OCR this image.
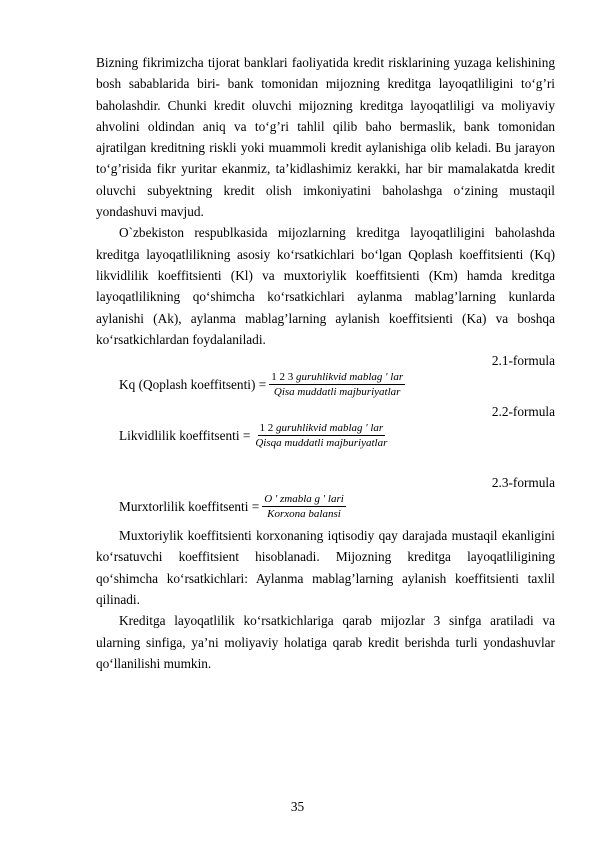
Bizning fikrimizcha tijorat banklari faoliyatida kredit risklarining yuzaga kelishining bosh sabablarida biri- bank tomonidan mijozning kreditga layoqatliligini to‘g’ri baholashdir. Chunki kredit oluvchi mijozning kreditga layoqatliligi va moliyaviy ahvolini oldindan aniq va to‘g’ri tahlil qilib baho bermaslik, bank tomonidan ajratilgan kreditning riskli yoki muammoli kredit aylanishiga olib keladi. Bu jarayon to‘g’risida fikr yuritar ekanmiz, ta’kidlashimiz kerakki, har bir mamalakatda kredit oluvchi subyektning kredit olish imkoniyatini baholashga o‘zining mustaqil yondashuvi mavjud.

O`zbekiston respublkasida mijozlarning kreditga layoqatliligini baholashda kreditga layoqatlilikning asosiy ko‘rsatkichlari bo‘lgan Qoplash koeffitsienti (Kq) likvidlilik koeffitsienti (Kl) va muxtoriylik koeffitsienti (Km) hamda kreditga layoqatlilikning qo‘shimcha ko‘rsatkichlari aylanma mablag’larning kunlarda aylanishi (Ak), aylanma mablag’larning aylanish koeffitsienti (Ka) va boshqa ko‘rsatkichlardan foydalaniladi.

2.1-formula

Kq (Qoplash koeffitsenti) = $\frac{\text{1 2 3 guruhlikvid mablag ' lar}}{\text{Qisa muddatli majburiyatlar}}$

2.2-formula

Likvidlilik koeffitsenti = $\frac{\text{1 2 guruhlikvid mablag ' lar}}{\text{Qisqa muddatli majburiyatlar}}$

2.3-formula

Murxtorlilik koeffitsenti = $\frac{\text{O ' zmabla g ' lari}}{\text{Korxona balansi}}$

Muxtoriylik koeffitsienti korxonaning iqtisodiy qay darajada mustaqil ekanligini ko‘rsatuvchi koeffitsient hisoblanadi. Mijozning kreditga layoqatliligining qo‘shimcha ko‘rsatkichlari: Aylanma mablag’larning aylanish koeffitsienti taxlil qilinadi.

Kreditga layoqatlilik ko‘rsatkichlariga qarab mijozlar 3 sinfga aratiladi va ularning sinfiga, ya’ni moliyaviy holatiga qarab kredit berishda turli yondashuvlar qo‘llanilishi mumkin.

35
